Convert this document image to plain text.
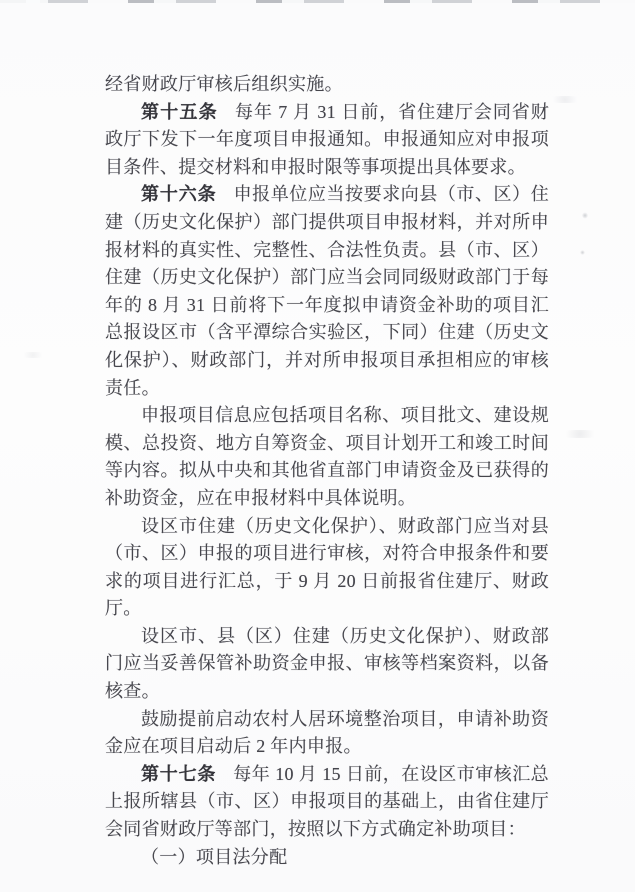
经省财政厅审核后组织实施。

第十五条 每年 7 月 31 日前，省住建厅会同省财政厅下发下一年度项目申报通知。申报通知应对申报项目条件、提交材料和申报时限等事项提出具体要求。

第十六条 申报单位应当按要求向县（市、区）住建（历史文化保护）部门提供项目申报材料，并对所申报材料的真实性、完整性、合法性负责。县（市、区）住建（历史文化保护）部门应当会同同级财政部门于每年的 8 月 31 日前将下一年度拟申请资金补助的项目汇总报设区市（含平潭综合实验区，下同）住建（历史文化保护）、财政部门，并对所申报项目承担相应的审核责任。

申报项目信息应包括项目名称、项目批文、建设规模、总投资、地方自筹资金、项目计划开工和竣工时间等内容。拟从中央和其他省直部门申请资金及已获得的补助资金，应在申报材料中具体说明。

设区市住建（历史文化保护）、财政部门应当对县（市、区）申报的项目进行审核，对符合申报条件和要求的项目进行汇总，于 9 月 20 日前报省住建厅、财政厅。

设区市、县（区）住建（历史文化保护）、财政部门应当妥善保管补助资金申报、审核等档案资料，以备核查。

鼓励提前启动农村人居环境整治项目，申请补助资金应在项目启动后 2 年内申报。

第十七条 每年 10 月 15 日前，在设区市审核汇总上报所辖县（市、区）申报项目的基础上，由省住建厅会同省财政厅等部门，按照以下方式确定补助项目：

（一）项目法分配
